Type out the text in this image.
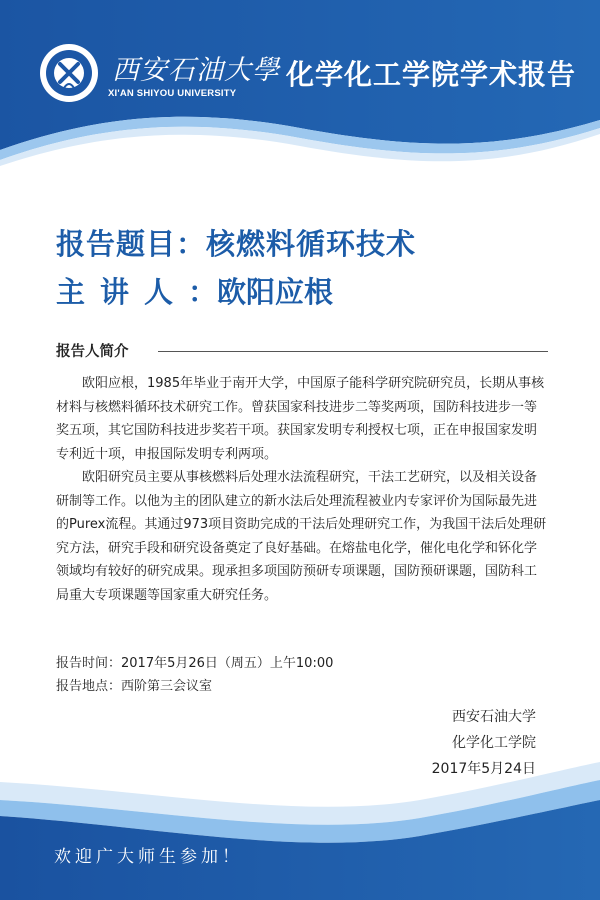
西安石油大學
XI'AN SHIYOU UNIVERSITY
化学化工学院学术报告
报告题目：核燃料循环技术
主讲人：欧阳应根
报告人简介

欧阳应根，1985年毕业于南开大学，中国原子能科学研究院研究员，长期从事核材料与核燃料循环技术研究工作。曾获国家科技进步二等奖两项，国防科技进步一等奖五项，其它国防科技进步奖若干项。获国家发明专利授权七项，正在申报国家发明专利近十项，申报国际发明专利两项。

欧阳研究员主要从事核燃料后处理水法流程研究，干法工艺研究，以及相关设备研制等工作。以他为主的团队建立的新水法后处理流程被业内专家评价为国际最先进的Purex流程。其通过973项目资助完成的干法后处理研究工作，为我国干法后处理研究方法，研究手段和研究设备奠定了良好基础。在熔盐电化学，催化电化学和钚化学领域均有较好的研究成果。现承担多项国防预研专项课题，国防预研课题，国防科工局重大专项课题等国家重大研究任务。

报告时间：2017年5月26日（周五）上午10:00
报告地点：西阶第三会议室
西安石油大学
化学化工学院
2017年5月24日
欢迎广大师生参加！
